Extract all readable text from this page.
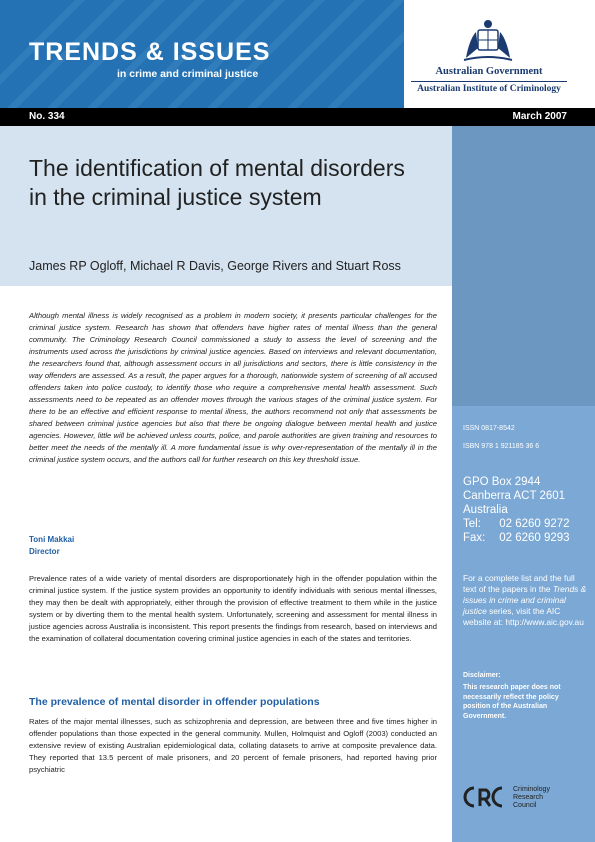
TRENDS & ISSUES
in crime and criminal justice	Australian Government
Australian Institute of Criminology
No. 334	March 2007
The identification of mental disorders in the criminal justice system
James RP Ogloff, Michael R Davis, George Rivers and Stuart Ross
ISSN 0817-8542
ISBN 978 1 921185 36 6
GPO Box 2944
Canberra ACT 2601
Australia
Tel: 02 6260 9272
Fax: 02 6260 9293
For a complete list and the full text of the papers in the Trends & issues in crime and criminal justice series, visit the AIC website at: http://www.aic.gov.au
Disclaimer:
This research paper does not necessarily reflect the policy position of the Australian Government.
Criminology
Research
Council
Although mental illness is widely recognised as a problem in modern society, it presents particular challenges for the criminal justice system. Research has shown that offenders have higher rates of mental illness than the general community. The Criminology Research Council commissioned a study to assess the level of screening and the instruments used across the jurisdictions by criminal justice agencies. Based on interviews and relevant documentation, the researchers found that, although assessment occurs in all jurisdictions and sectors, there is little consistency in the way offenders are assessed. As a result, the paper argues for a thorough, nationwide system of screening of all accused offenders taken into police custody, to identify those who require a comprehensive mental health assessment. Such assessments need to be repeated as an offender moves through the various stages of the criminal justice system. For there to be an effective and efficient response to mental illness, the authors recommend not only that assessments be shared between criminal justice agencies but also that there be ongoing dialogue between mental health and justice agencies. However, little will be achieved unless courts, police, and parole authorities are given training and resources to better meet the needs of the mentally ill. A more fundamental issue is why over-representation of the mentally ill in the criminal justice system occurs, and the authors call for further research on this key threshold issue.
Toni Makkai
Director
Prevalence rates of a wide variety of mental disorders are disproportionately high in the offender population within the criminal justice system. If the justice system provides an opportunity to identify individuals with serious mental illnesses, they may then be dealt with appropriately, either through the provision of effective treatment to them while in the justice system or by diverting them to the mental health system. Unfortunately, screening and assessment for mental illness in justice agencies across Australia is inconsistent. This report presents the findings from research, based on interviews and the examination of collateral documentation covering criminal justice agencies in each of the states and territories.
The prevalence of mental disorder in offender populations
Rates of the major mental illnesses, such as schizophrenia and depression, are between three and five times higher in offender populations than those expected in the general community. Mullen, Holmquist and Ogloff (2003) conducted an extensive review of existing Australian epidemiological data, collating datasets to arrive at composite prevalence data. They reported that 13.5 percent of male prisoners, and 20 percent of female prisoners, had reported having prior psychiatric
